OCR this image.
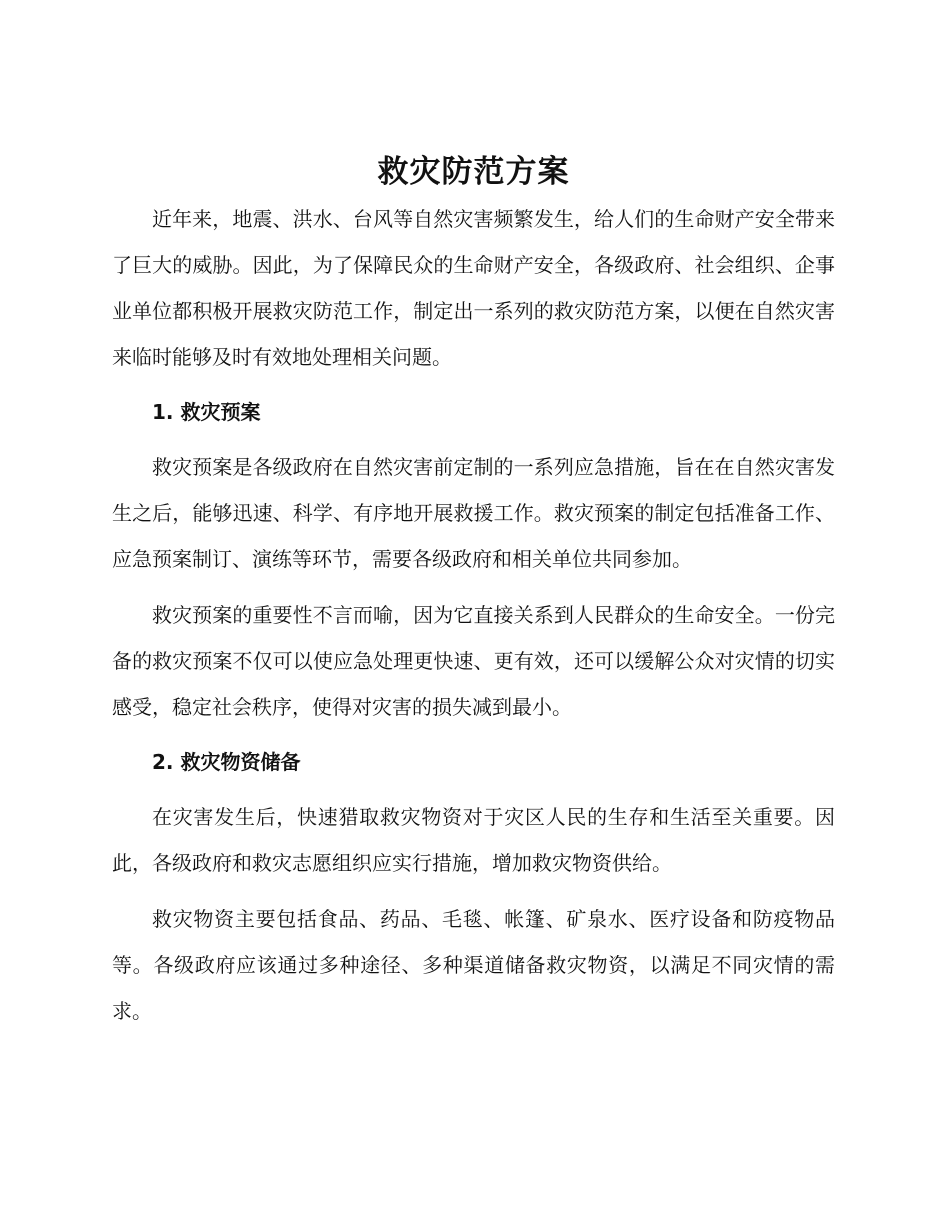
救灾防范方案

近年来，地震、洪水、台风等自然灾害频繁发生，给人们的生命财产安全带来了巨大的威胁。因此，为了保障民众的生命财产安全，各级政府、社会组织、企事业单位都积极开展救灾防范工作，制定出一系列的救灾防范方案，以便在自然灾害来临时能够及时有效地处理相关问题。

1. 救灾预案

救灾预案是各级政府在自然灾害前定制的一系列应急措施，旨在在自然灾害发生之后，能够迅速、科学、有序地开展救援工作。救灾预案的制定包括准备工作、应急预案制订、演练等环节，需要各级政府和相关单位共同参加。

救灾预案的重要性不言而喻，因为它直接关系到人民群众的生命安全。一份完备的救灾预案不仅可以使应急处理更快速、更有效，还可以缓解公众对灾情的切实感受，稳定社会秩序，使得对灾害的损失减到最小。

2. 救灾物资储备

在灾害发生后，快速猎取救灾物资对于灾区人民的生存和生活至关重要。因此，各级政府和救灾志愿组织应实行措施，增加救灾物资供给。

救灾物资主要包括食品、药品、毛毯、帐篷、矿泉水、医疗设备和防疫物品等。各级政府应该通过多种途径、多种渠道储备救灾物资，以满足不同灾情的需求。
